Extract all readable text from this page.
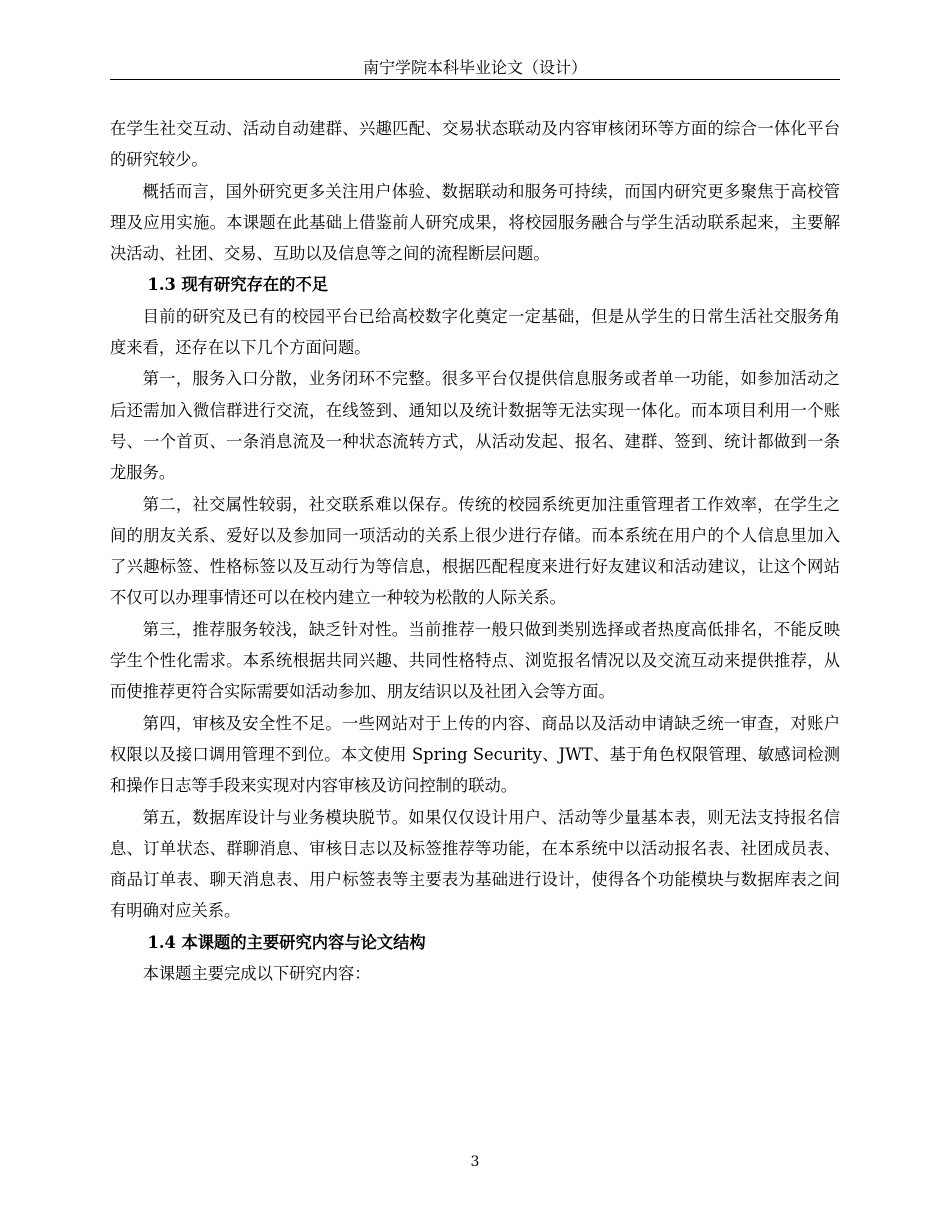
南宁学院本科毕业论文（设计）

在学生社交互动、活动自动建群、兴趣匹配、交易状态联动及内容审核闭环等方面的综合一体化平台的研究较少。

概括而言，国外研究更多关注用户体验、数据联动和服务可持续，而国内研究更多聚焦于高校管理及应用实施。本课题在此基础上借鉴前人研究成果，将校园服务融合与学生活动联系起来，主要解决活动、社团、交易、互助以及信息等之间的流程断层问题。

1.3 现有研究存在的不足

目前的研究及已有的校园平台已给高校数字化奠定一定基础，但是从学生的日常生活社交服务角度来看，还存在以下几个方面问题。

第一，服务入口分散，业务闭环不完整。很多平台仅提供信息服务或者单一功能，如参加活动之后还需加入微信群进行交流，在线签到、通知以及统计数据等无法实现一体化。而本项目利用一个账号、一个首页、一条消息流及一种状态流转方式，从活动发起、报名、建群、签到、统计都做到一条龙服务。

第二，社交属性较弱，社交联系难以保存。传统的校园系统更加注重管理者工作效率，在学生之间的朋友关系、爱好以及参加同一项活动的关系上很少进行存储。而本系统在用户的个人信息里加入了兴趣标签、性格标签以及互动行为等信息，根据匹配程度来进行好友建议和活动建议，让这个网站不仅可以办理事情还可以在校内建立一种较为松散的人际关系。

第三，推荐服务较浅，缺乏针对性。当前推荐一般只做到类别选择或者热度高低排名，不能反映学生个性化需求。本系统根据共同兴趣、共同性格特点、浏览报名情况以及交流互动来提供推荐，从而使推荐更符合实际需要如活动参加、朋友结识以及社团入会等方面。

第四，审核及安全性不足。一些网站对于上传的内容、商品以及活动申请缺乏统一审查，对账户权限以及接口调用管理不到位。本文使用 Spring Security、JWT、基于角色权限管理、敏感词检测和操作日志等手段来实现对内容审核及访问控制的联动。

第五，数据库设计与业务模块脱节。如果仅仅设计用户、活动等少量基本表，则无法支持报名信息、订单状态、群聊消息、审核日志以及标签推荐等功能，在本系统中以活动报名表、社团成员表、商品订单表、聊天消息表、用户标签表等主要表为基础进行设计，使得各个功能模块与数据库表之间有明确对应关系。

1.4 本课题的主要研究内容与论文结构

本课题主要完成以下研究内容：

3
